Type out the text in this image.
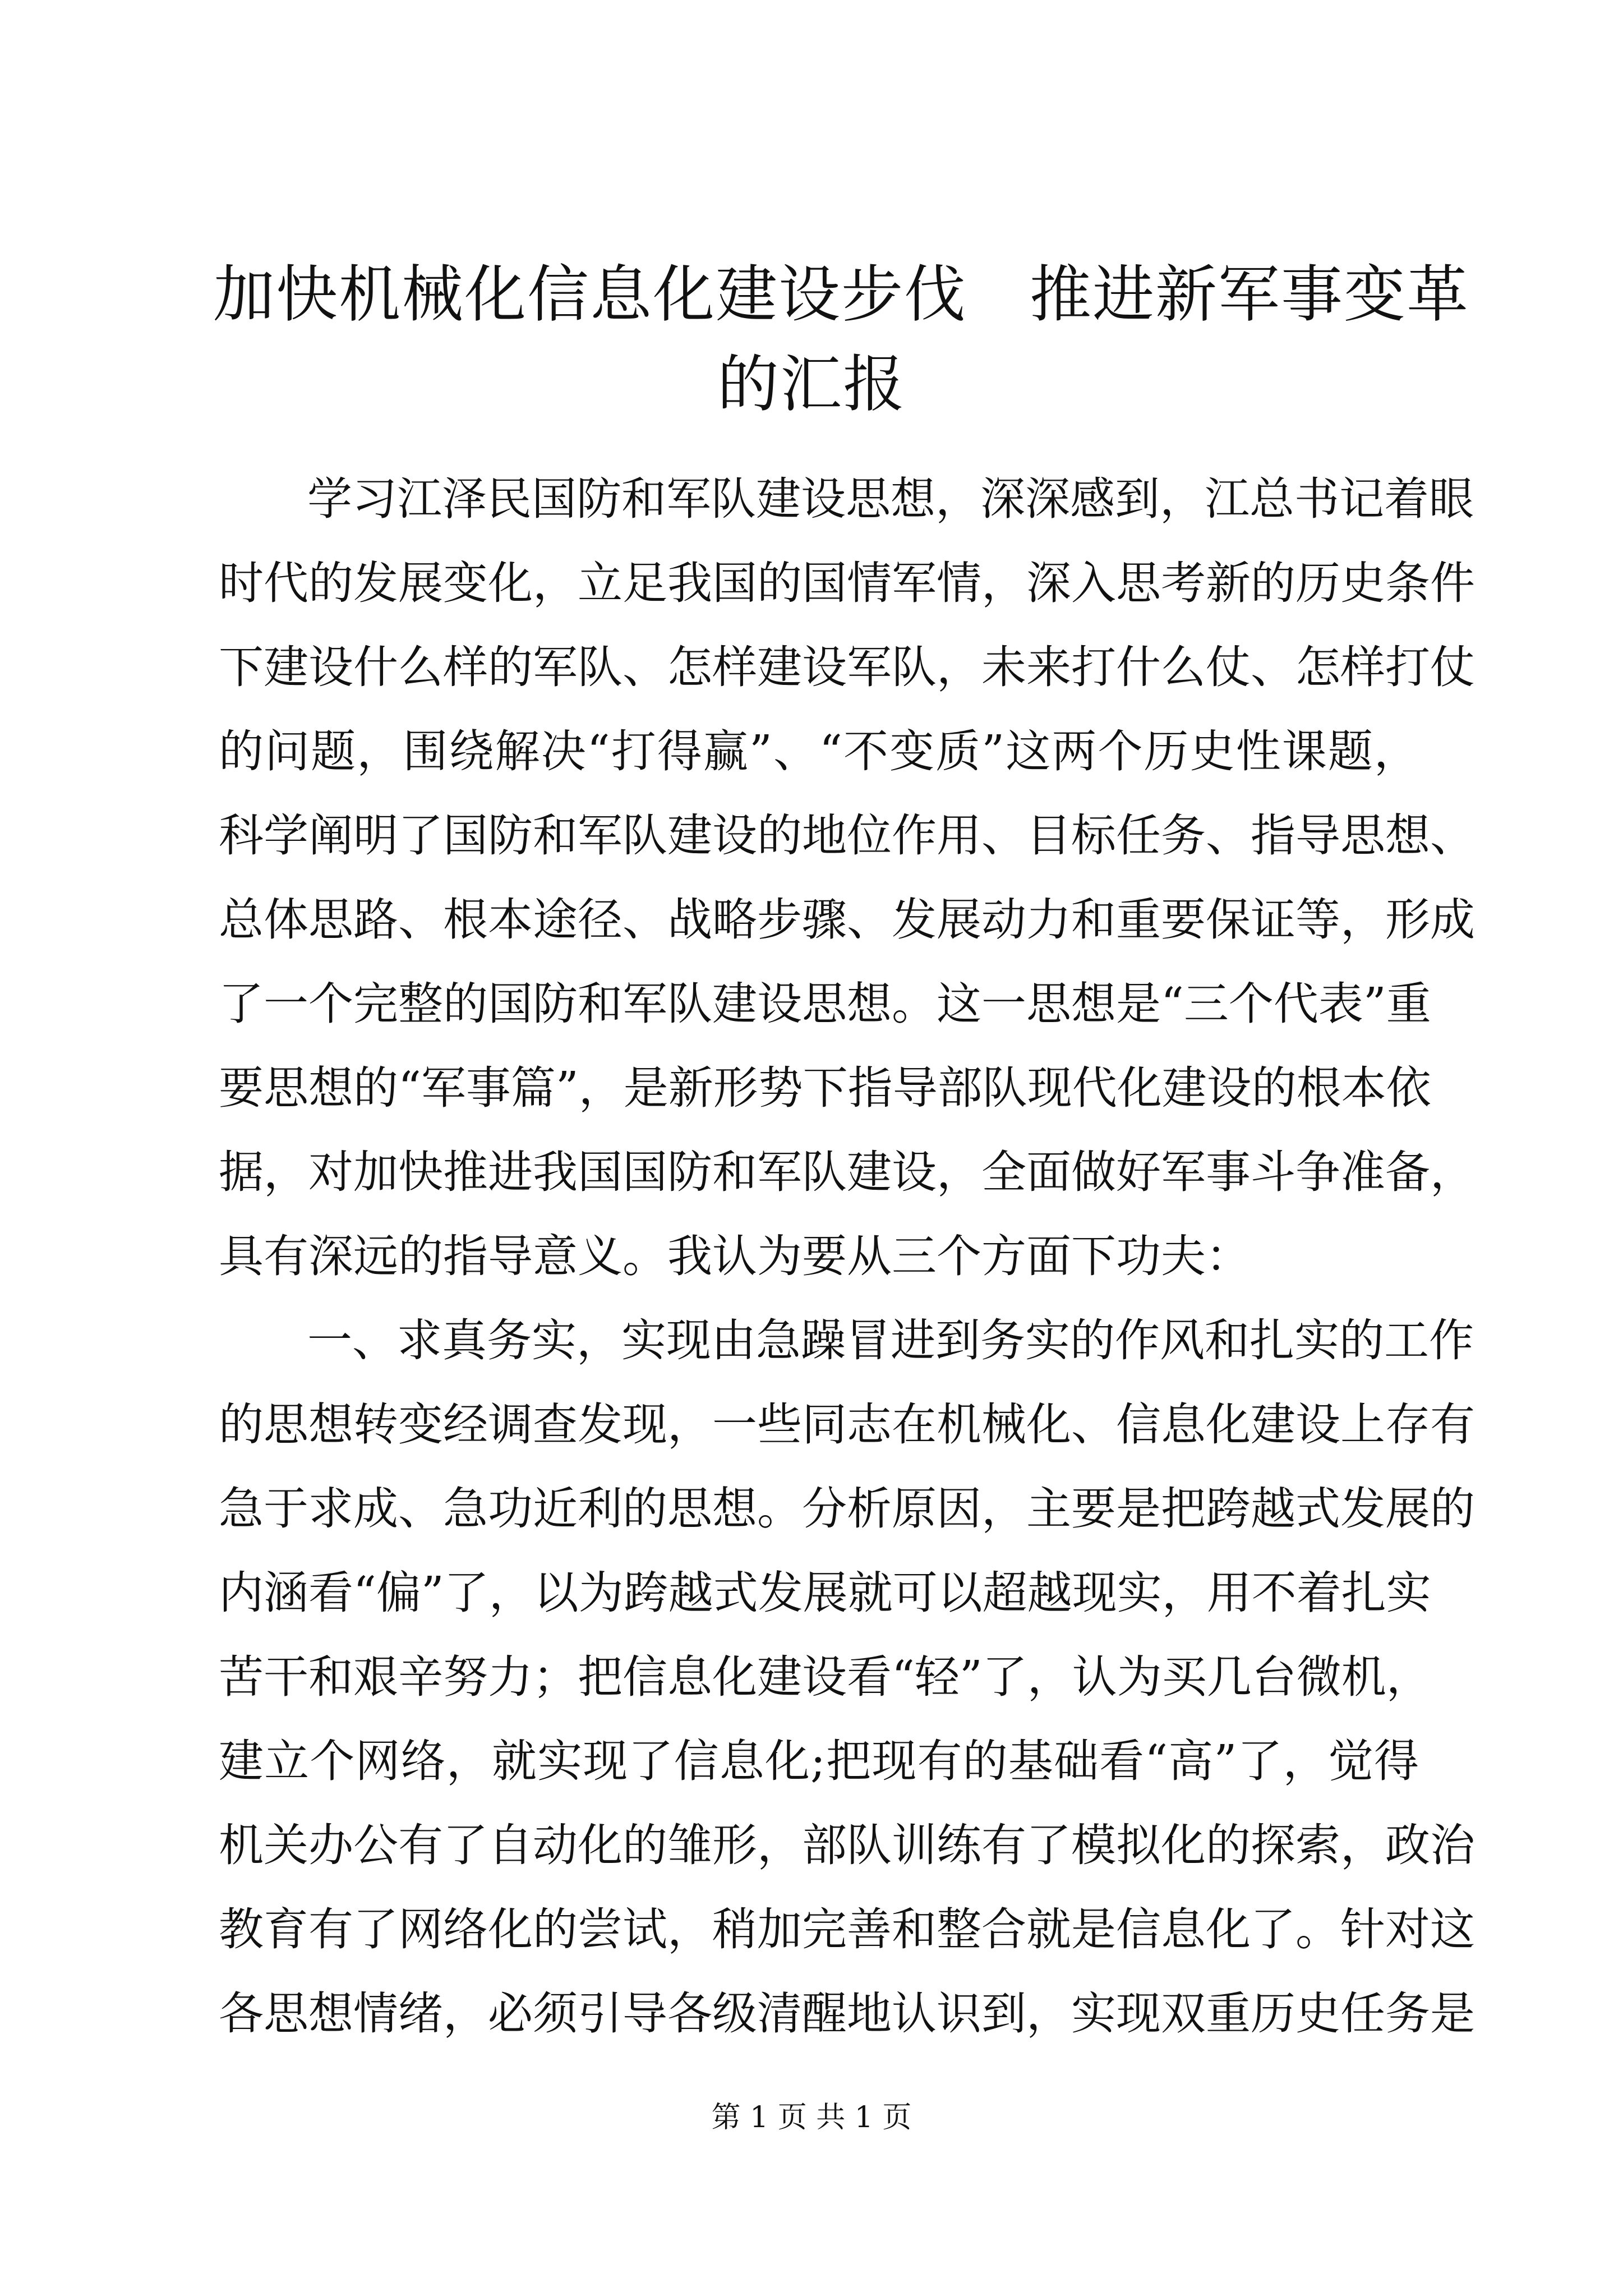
加快机械化信息化建设步伐　推进新军事变革
的汇报

学习江泽民国防和军队建设思想，深深感到，江总书记着眼

时代的发展变化，立足我国的国情军情，深入思考新的历史条件

下建设什么样的军队、怎样建设军队，未来打什么仗、怎样打仗

的问题，围绕解决“打得赢”、“不变质”这两个历史性课题，

科学阐明了国防和军队建设的地位作用、目标任务、指导思想、

总体思路、根本途径、战略步骤、发展动力和重要保证等，形成

了一个完整的国防和军队建设思想。这一思想是“三个代表”重

要思想的“军事篇”，是新形势下指导部队现代化建设的根本依

据，对加快推进我国国防和军队建设，全面做好军事斗争准备，

具有深远的指导意义。我认为要从三个方面下功夫：

一、求真务实，实现由急躁冒进到务实的作风和扎实的工作

的思想转变经调查发现，一些同志在机械化、信息化建设上存有

急于求成、急功近利的思想。分析原因，主要是把跨越式发展的

内涵看“偏”了，以为跨越式发展就可以超越现实，用不着扎实

苦干和艰辛努力；把信息化建设看“轻”了，认为买几台微机，

建立个网络，就实现了信息化;把现有的基础看“高”了，觉得

机关办公有了自动化的雏形，部队训练有了模拟化的探索，政治

教育有了网络化的尝试，稍加完善和整合就是信息化了。针对这

各思想情绪，必须引导各级清醒地认识到，实现双重历史任务是

第 1 页 共 1 页
